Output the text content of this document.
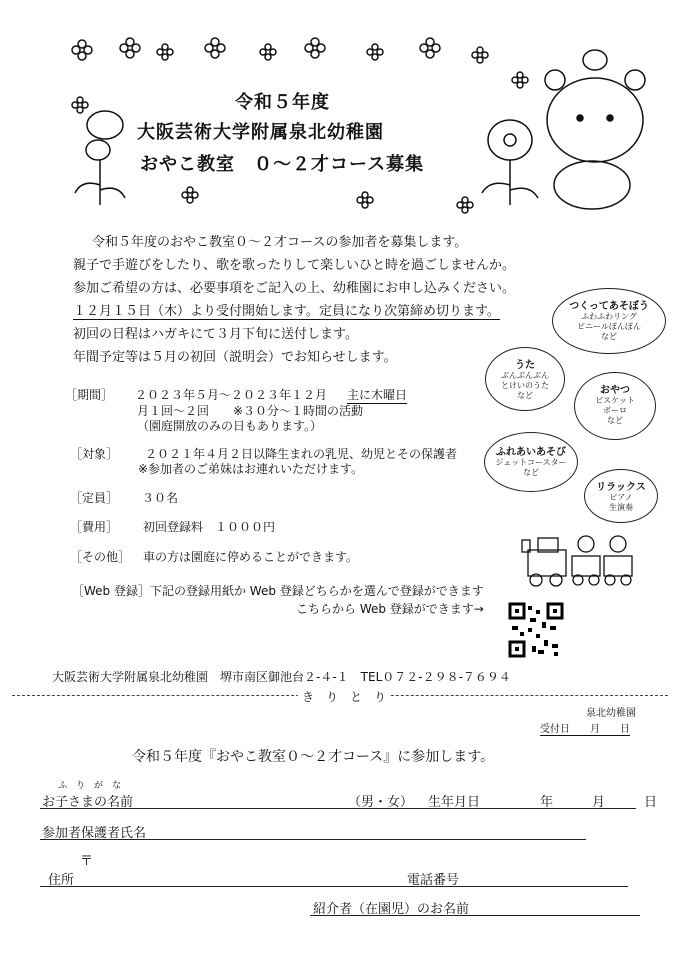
令和５年度
大阪芸術大学附属泉北幼稚園
おやこ教室　０～２才コース募集
令和５年度のおやこ教室０～２才コースの参加者を募集します。
親子で手遊びをしたり、歌を歌ったりして楽しいひと時を過ごしませんか。
参加ご希望の方は、必要事項をご記入の上、幼稚園にお申し込みください。
１２月１５日（木）より受付開始します。定員になり次第締め切ります。
初回の日程はハガキにて３月下旬に送付します。
年間予定等は５月の初回（説明会）でお知らせします。
［期間］ ２０２３年５月～２０２３年１２月 主に木曜日
月１回～２回　　※３０分～１時間の活動
（園庭開放のみの日もあります。）
［対象］ ２０２１年４月２日以降生まれの乳児、幼児とその保護者
※参加者のご弟妹はお連れいただけます。
［定員］ ３０名
［費用］ 初回登録料　１０００円
［その他］ 車の方は園庭に停めることができます。
［Web 登録］下記の登録用紙か Web 登録どちらかを選んで登録ができます
こちらから Web 登録ができます→
つくってあそぼう
ふわふわリング
ビニールぽんぽん
など
うた
ぶんぶんぶん
とけいのうた
など	おやつ
ビスケット
ボーロ
など
ふれあいあそび
ジェットコースター
など
リラックス
ピアノ
生演奏
大阪芸術大学附属泉北幼稚園　堺市南区御池台２-４-１　TEL０７２-２９８-７６９４
き　り　と　り
泉北幼稚園
受付日　　月　　日
令和５年度『おやこ教室０～２才コース』に参加します。
ふ　り　が　な
お子さまの名前	（男・女） 生年月日	年　　　月　　　日
参加者保護者氏名
〒
住所	電話番号
紹介者（在園児）のお名前
